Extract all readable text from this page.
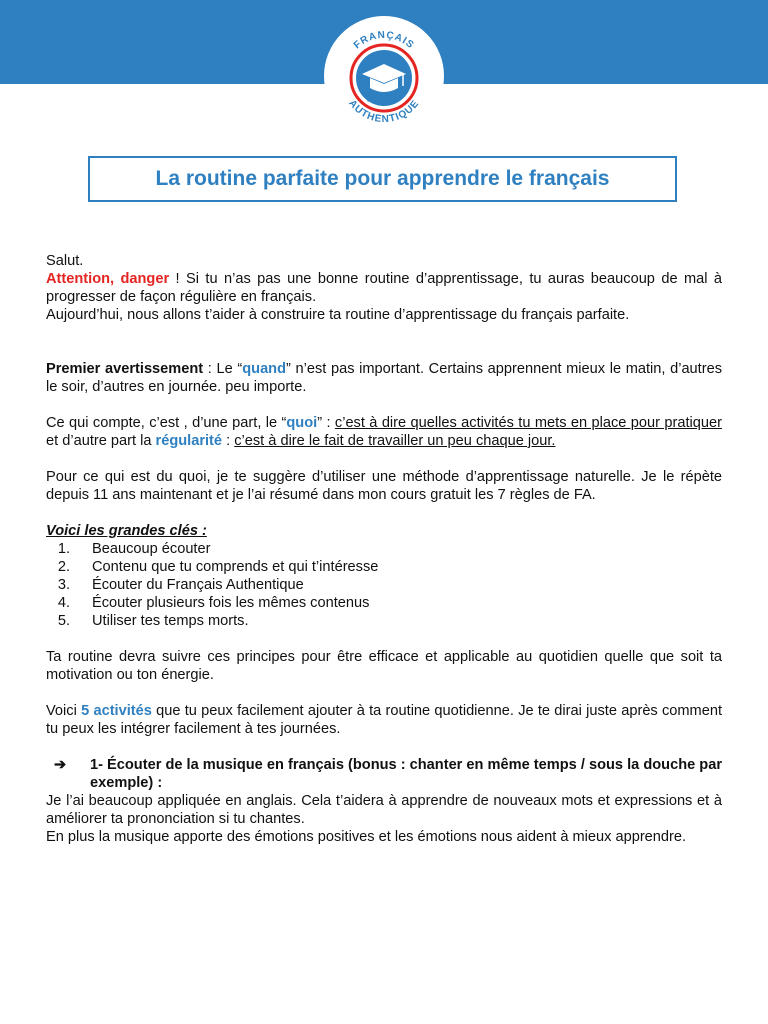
FRANÇAIS
AUTHENTIQUE
La routine parfaite pour apprendre le français

Salut.

Attention, danger ! Si tu n’as pas une bonne routine d’apprentissage, tu auras beaucoup de mal à progresser de façon régulière en français.

Aujourd’hui, nous allons t’aider à construire ta routine d’apprentissage du français parfaite.

Premier avertissement : Le “quand” n’est pas important. Certains apprennent mieux le matin, d’autres le soir, d’autres en journée. peu importe.

Ce qui compte, c’est , d’une part, le “quoi” : c’est à dire quelles activités tu mets en place pour pratiquer et d’autre part la régularité : c’est à dire le fait de travailler un peu chaque jour.

Pour ce qui est du quoi, je te suggère d’utiliser une méthode d’apprentissage naturelle. Je le répète depuis 11 ans maintenant et je l’ai résumé dans mon cours gratuit les 7 règles de FA.

Voici les grandes clés :

1. Beaucoup écouter
2. Contenu que tu comprends et qui t’intéresse
3. Écouter du Français Authentique
4. Écouter plusieurs fois les mêmes contenus
5. Utiliser tes temps morts.

Ta routine devra suivre ces principes pour être efficace et applicable au quotidien quelle que soit ta motivation ou ton énergie.

Voici 5 activités que tu peux facilement ajouter à ta routine quotidienne. Je te dirai juste après comment tu peux les intégrer facilement à tes journées.

➔	1- Écouter de la musique en français (bonus : chanter en même temps / sous la douche par exemple) :

Je l’ai beaucoup appliquée en anglais. Cela t’aidera à apprendre de nouveaux mots et expressions et à améliorer ta prononciation si tu chantes.

En plus la musique apporte des émotions positives et les émotions nous aident à mieux apprendre.
